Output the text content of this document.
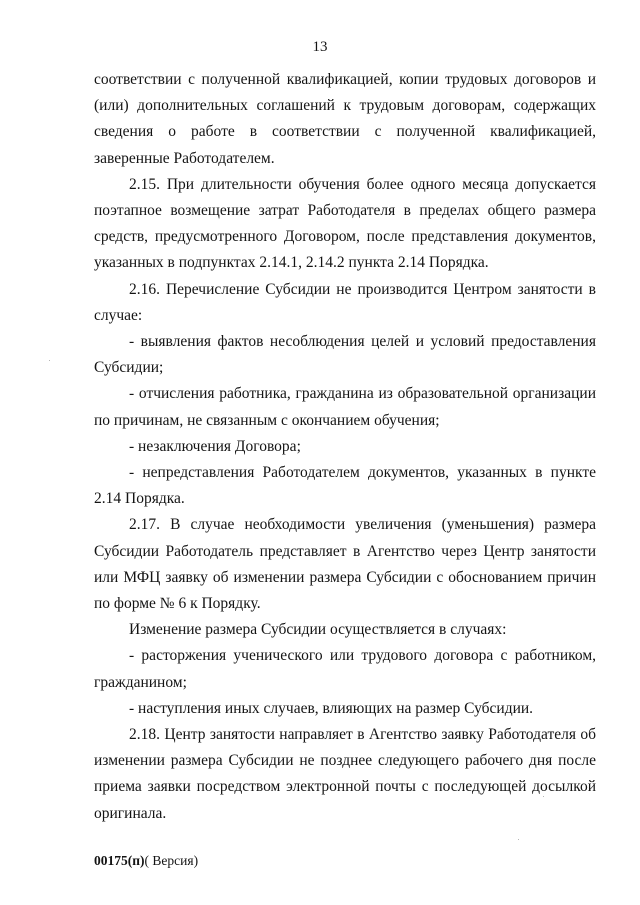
13

соответствии с полученной квалификацией, копии трудовых договоров и (или) дополнительных соглашений к трудовым договорам, содержащих сведения о работе в соответствии с полученной квалификацией, заверенные Работодателем.

2.15. При длительности обучения более одного месяца допускается поэтапное возмещение затрат Работодателя в пределах общего размера средств, предусмотренного Договором, после представления документов, указанных в подпунктах 2.14.1, 2.14.2 пункта 2.14 Порядка.

2.16. Перечисление Субсидии не производится Центром занятости в случае:

- выявления фактов несоблюдения целей и условий предоставления Субсидии;

- отчисления работника, гражданина из образовательной организации по причинам, не связанным с окончанием обучения;

- незаключения Договора;

- непредставления Работодателем документов, указанных в пункте 2.14 Порядка.

2.17. В случае необходимости увеличения (уменьшения) размера Субсидии Работодатель представляет в Агентство через Центр занятости или МФЦ заявку об изменении размера Субсидии с обоснованием причин по форме № 6 к Порядку.

Изменение размера Субсидии осуществляется в случаях:

- расторжения ученического или трудового договора с работником, гражданином;

- наступления иных случаев, влияющих на размер Субсидии.

2.18. Центр занятости направляет в Агентство заявку Работодателя об изменении размера Субсидии не позднее следующего рабочего дня после приема заявки посредством электронной почты с последующей досылкой оригинала.

00175(п)( Версия)
